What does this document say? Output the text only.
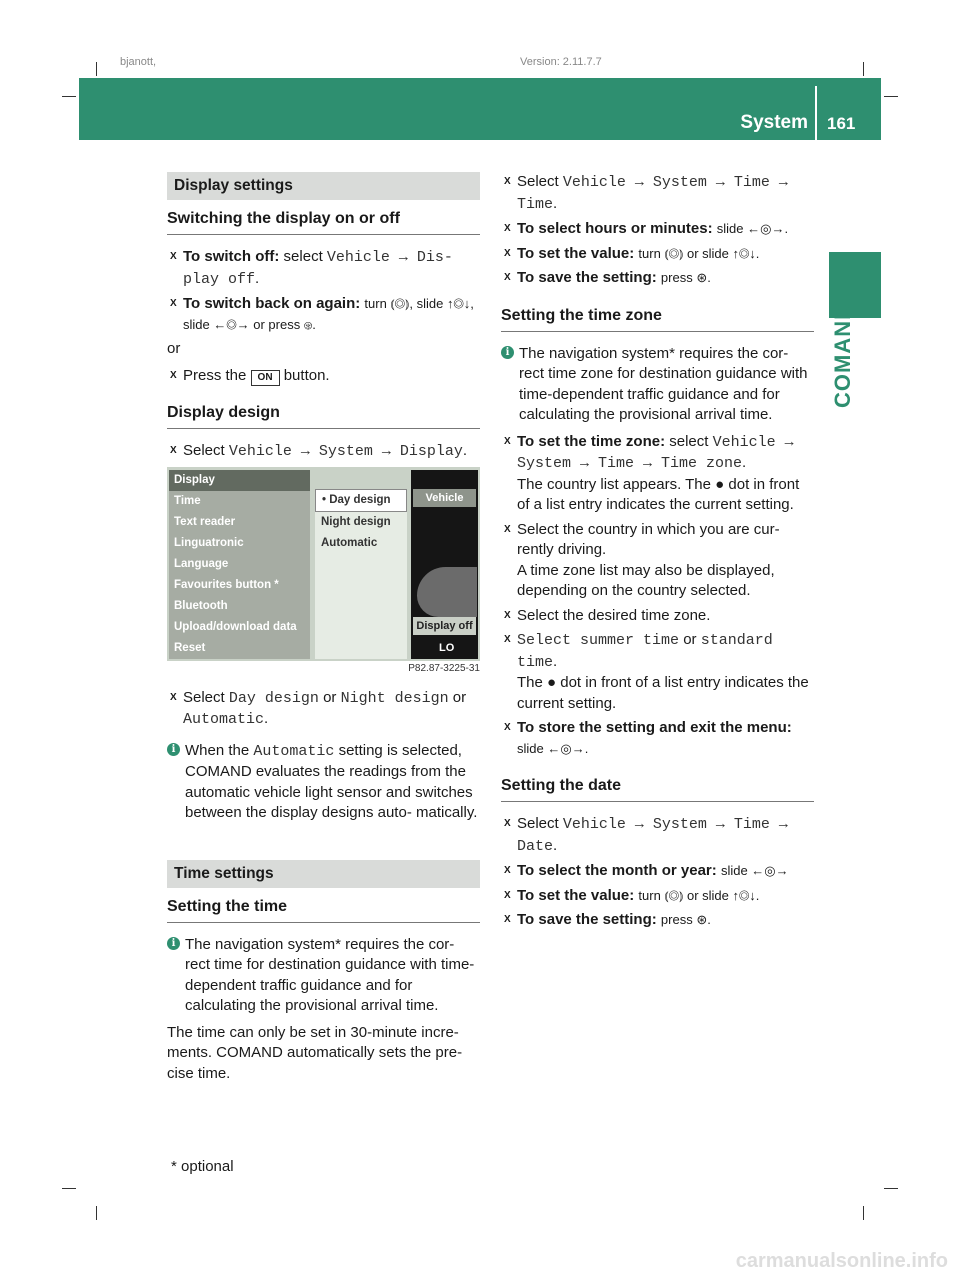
bjanott,	Version: 2.11.7.7
System 161
COMAND
Display settings
Switching the display on or off
X To switch off: select Vehicle → Dis- play off.
X To switch back on again: turn ⦅◎⦆, slide ↑◎↓, slide ←◎→ or press ⊛.

or

X Press the ON button.
Display design
X Select Vehicle → System → Display.
Display
Time
Text reader
Linguatronic
Language
Favourites button *
Bluetooth
Upload/download data
Reset
• Day design
Night design
Automatic
Vehicle
Display off
LO
P82.87-3225-31
X Select Day design or Night design or Automatic.
i When the Automatic setting is selected, COMAND evaluates the readings from the automatic vehicle light sensor and switches between the display designs auto- matically.
Time settings
Setting the time
i The navigation system* requires the cor- rect time for destination guidance with time-dependent traffic guidance and for calculating the provisional arrival time.

The time can only be set in 30-minute incre- ments. COMAND automatically sets the pre- cise time.

X Select Vehicle → System → Time → Time.
X To select hours or minutes: slide ←◎→.
X To set the value: turn ⦅◎⦆ or slide ↑◎↓.
X To save the setting: press ⊛.
Setting the time zone
i The navigation system* requires the cor- rect time zone for destination guidance with time-dependent traffic guidance and for calculating the provisional arrival time.
X To set the time zone: select Vehicle → System → Time → Time zone.
The country list appears. The ● dot in front of a list entry indicates the current setting.
X Select the country in which you are cur- rently driving.
A time zone list may also be displayed, depending on the country selected.
X Select the desired time zone.
X Select summer time or standard time.
The ● dot in front of a list entry indicates the current setting.
X To store the setting and exit the menu: slide ←◎→.
Setting the date
X Select Vehicle → System → Time → Date.
X To select the month or year: slide ←◎→
X To set the value: turn ⦅◎⦆ or slide ↑◎↓.
X To save the setting: press ⊛.
* optional
carmanualsonline.info
